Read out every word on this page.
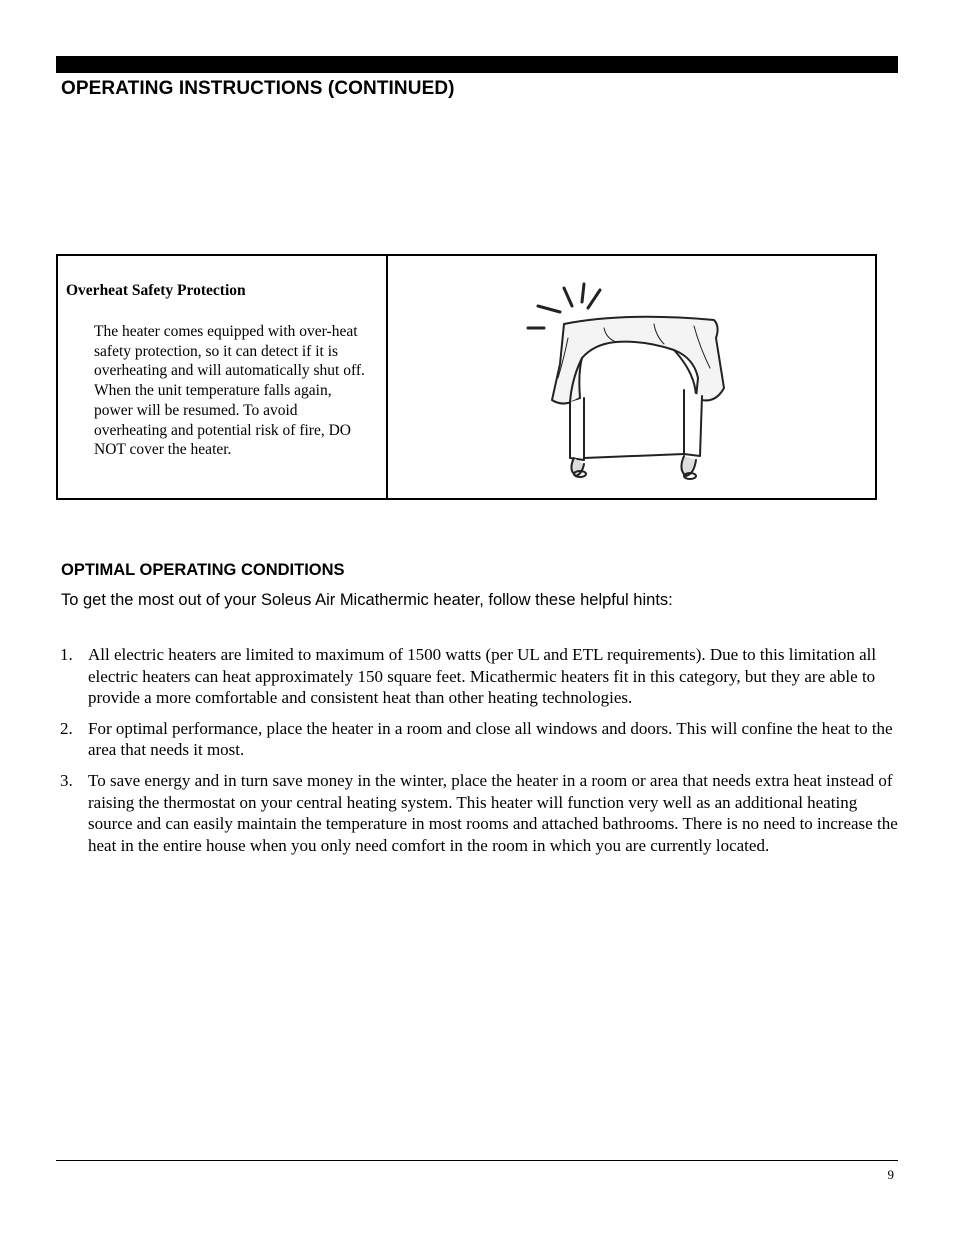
OPERATING INSTRUCTIONS (CONTINUED)
Overheat Safety Protection
The heater comes equipped with over-heat safety protection, so it can detect if it is overheating and will automatically shut off. When the unit temperature falls again, power will be resumed. To avoid overheating and potential risk of fire, DO NOT cover the heater.
OPTIMAL OPERATING CONDITIONS
To get the most out of your Soleus Air Micathermic heater, follow these helpful hints:
1. All electric heaters are limited to maximum of 1500 watts (per UL and ETL requirements). Due to this limitation all electric heaters can heat approximately 150 square feet. Micathermic heaters fit in this category, but they are able to provide a more comfortable and consistent heat than other heating technologies.
2. For optimal performance, place the heater in a room and close all windows and doors. This will confine the heat to the area that needs it most.
3. To save energy and in turn save money in the winter, place the heater in a room or area that needs extra heat instead of raising the thermostat on your central heating system. This heater will function very well as an additional heating source and can easily maintain the temperature in most rooms and attached bathrooms. There is no need to increase the heat in the entire house when you only need comfort in the room in which you are currently located.
9
